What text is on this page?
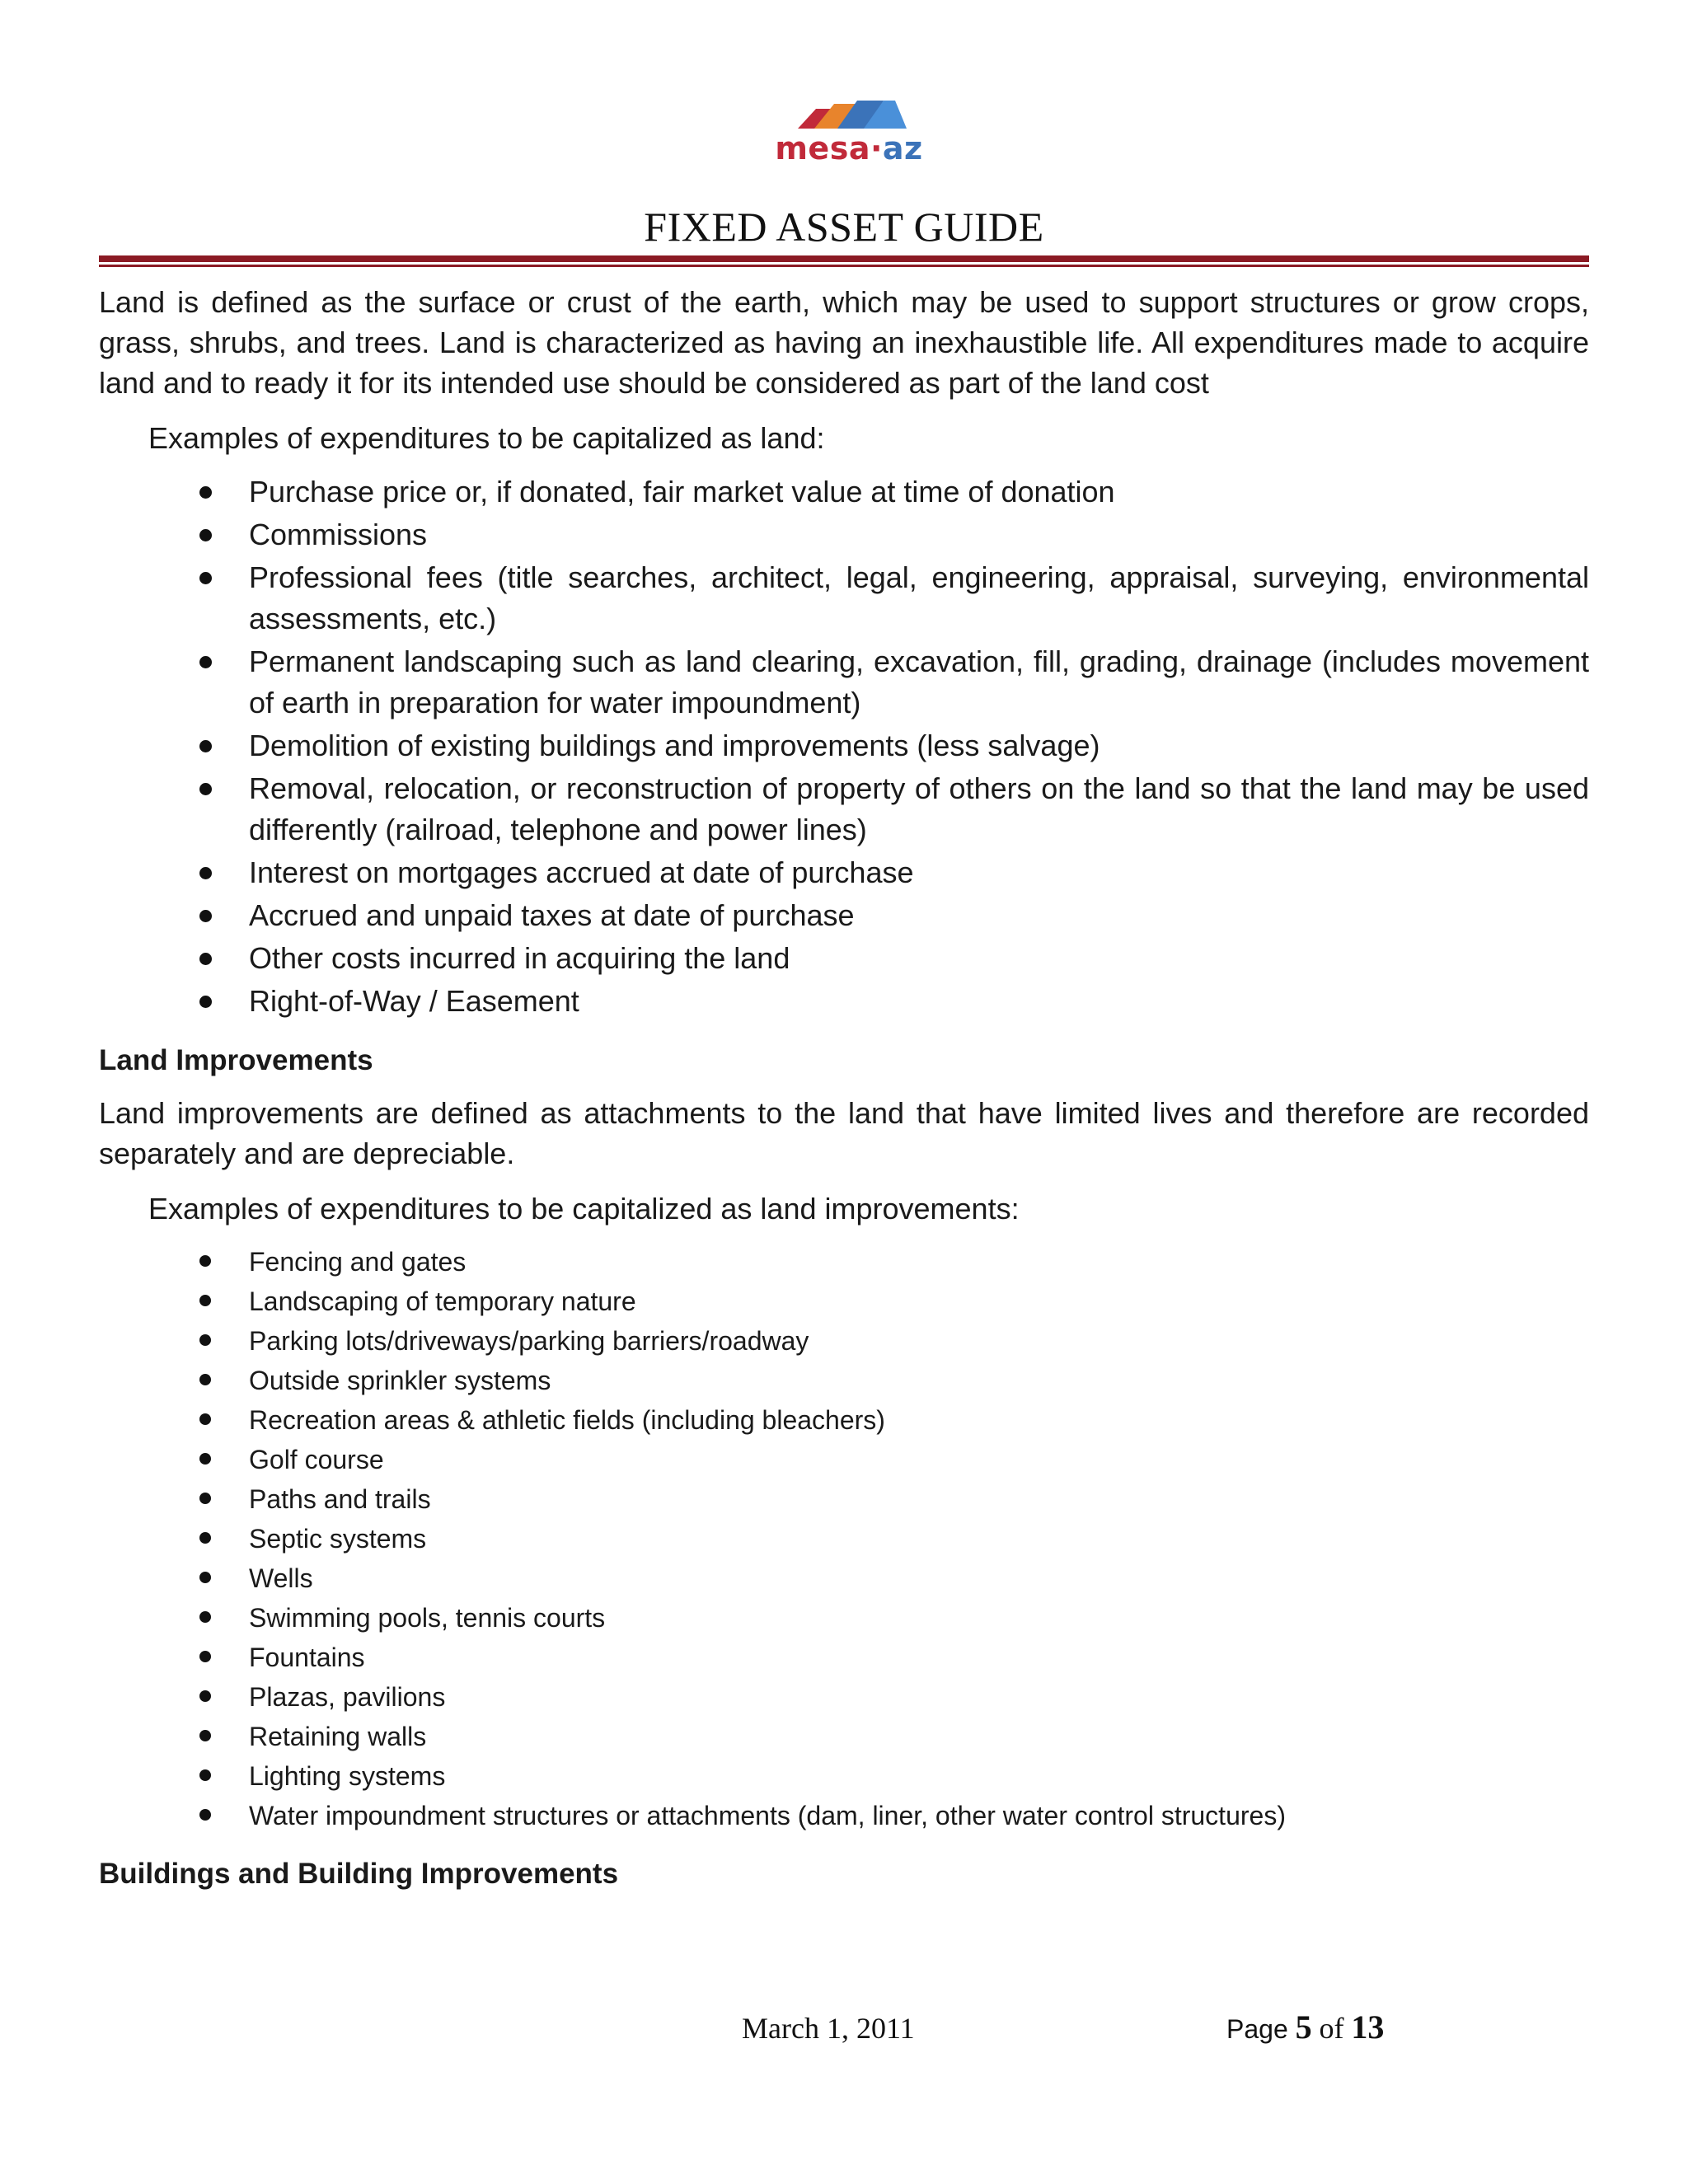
mesa·az
FIXED ASSET GUIDE

Land is defined as the surface or crust of the earth, which may be used to support structures or grow crops, grass, shrubs, and trees. Land is characterized as having an inexhaustible life. All expenditures made to acquire land and to ready it for its intended use should be considered as part of the land cost

Examples of expenditures to be capitalized as land:

Purchase price or, if donated, fair market value at time of donation
Commissions
Professional fees (title searches, architect, legal, engineering, appraisal, surveying, environmental assessments, etc.)
Permanent landscaping such as land clearing, excavation, fill, grading, drainage (includes movement of earth in preparation for water impoundment)
Demolition of existing buildings and improvements (less salvage)
Removal, relocation, or reconstruction of property of others on the land so that the land may be used differently (railroad, telephone and power lines)
Interest on mortgages accrued at date of purchase
Accrued and unpaid taxes at date of purchase
Other costs incurred in acquiring the land
Right-of-Way / Easement
Land Improvements

Land improvements are defined as attachments to the land that have limited lives and therefore are recorded separately and are depreciable.

Examples of expenditures to be capitalized as land improvements:

Fencing and gates
Landscaping of temporary nature
Parking lots/driveways/parking barriers/roadway
Outside sprinkler systems
Recreation areas & athletic fields (including bleachers)
Golf course
Paths and trails
Septic systems
Wells
Swimming pools, tennis courts
Fountains
Plazas, pavilions
Retaining walls
Lighting systems
Water impoundment structures or attachments (dam, liner, other water control structures)
Buildings and Building Improvements
March 1, 2011	Page 5 of 13
